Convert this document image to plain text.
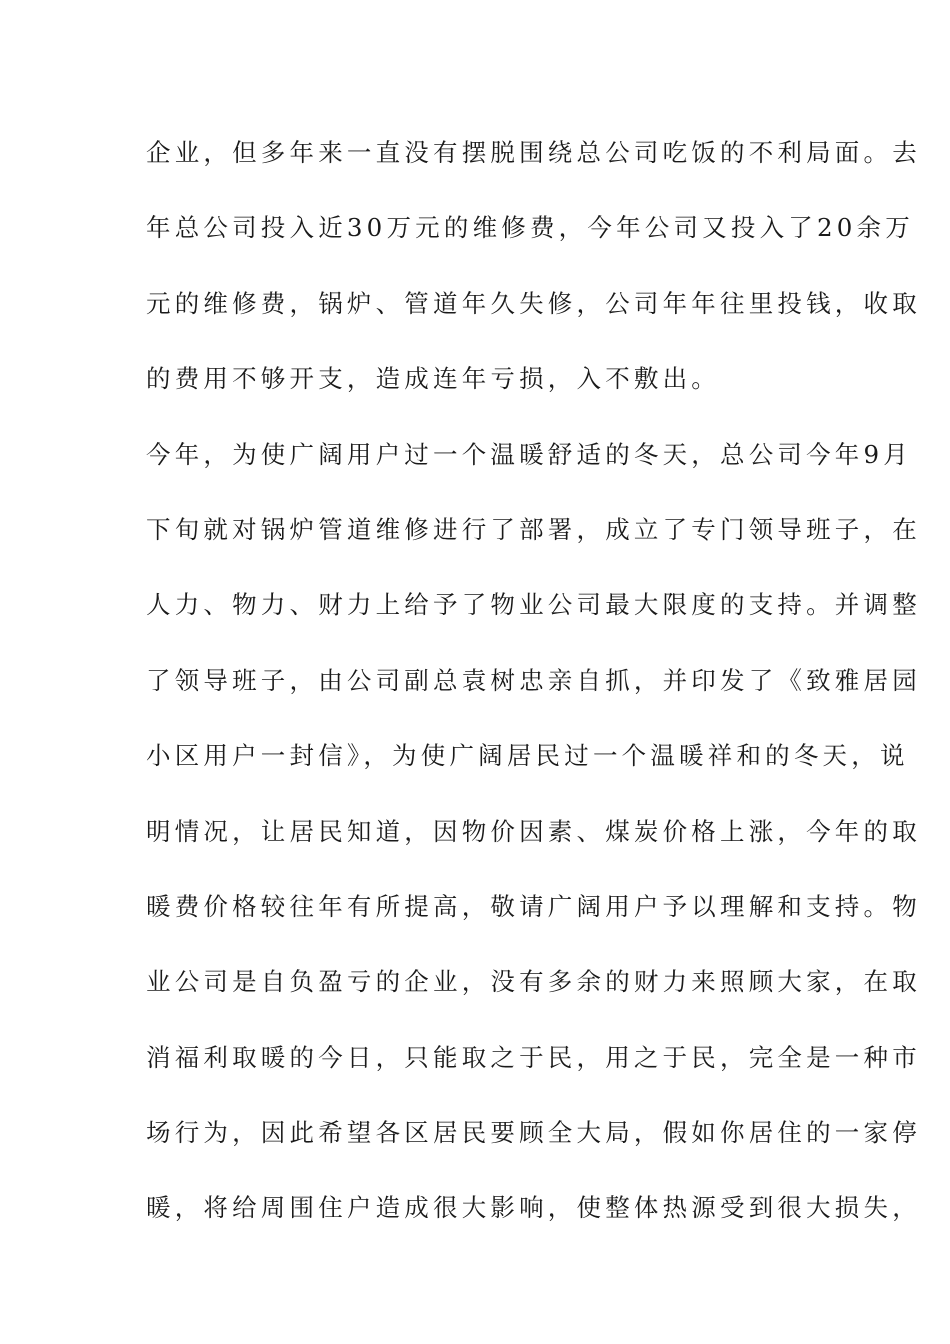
企业，但多年来一直没有摆脱围绕总公司吃饭的不利局面。去
年总公司投入近30万元的维修费，今年公司又投入了20余万
元的维修费，锅炉、管道年久失修，公司年年往里投钱，收取
的费用不够开支，造成连年亏损，入不敷出。
今年，为使广阔用户过一个温暖舒适的冬天，总公司今年9月
下旬就对锅炉管道维修进行了部署，成立了专门领导班子，在
人力、物力、财力上给予了物业公司最大限度的支持。并调整
了领导班子，由公司副总袁树忠亲自抓，并印发了《致雅居园
小区用户一封信》，为使广阔居民过一个温暖祥和的冬天，说
明情况，让居民知道，因物价因素、煤炭价格上涨，今年的取
暖费价格较往年有所提高，敬请广阔用户予以理解和支持。物
业公司是自负盈亏的企业，没有多余的财力来照顾大家，在取
消福利取暖的今日，只能取之于民，用之于民，完全是一种市
场行为，因此希望各区居民要顾全大局，假如你居住的一家停
暖，将给周围住户造成很大影响，使整体热源受到很大损失，
